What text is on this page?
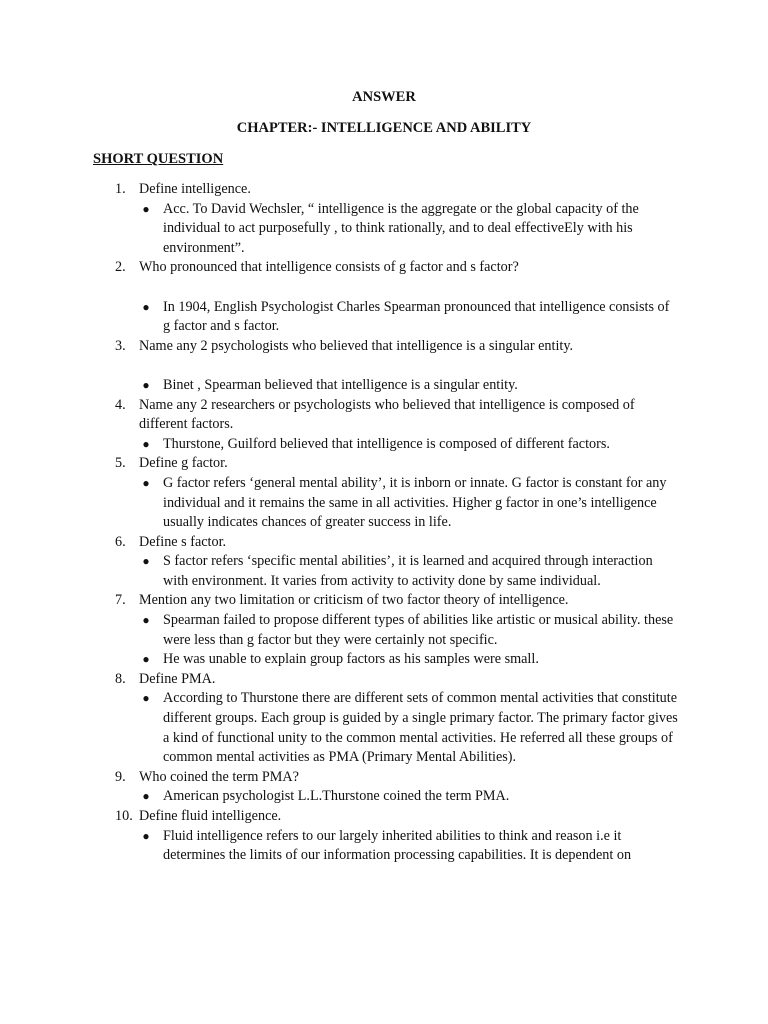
ANSWER
CHAPTER:- INTELLIGENCE AND ABILITY
SHORT QUESTION
1. Define intelligence.
● Acc. To David Wechsler, “ intelligence is the aggregate or the global capacity of the individual to act purposefully , to think rationally, and to deal effectiveEly with his environment”.
2. Who pronounced that intelligence consists of g factor and s factor?
● In 1904, English Psychologist Charles Spearman pronounced that intelligence consists of g factor and s factor.
3. Name any 2 psychologists who believed that intelligence is a singular entity.
● Binet , Spearman believed that intelligence is a singular entity.
4. Name any 2 researchers or psychologists who believed that intelligence is composed of different factors.
● Thurstone, Guilford believed that intelligence is composed of different factors.
5. Define g factor.
● G factor refers ‘general mental ability’, it is inborn or innate. G factor is constant for any individual and it remains the same in all activities. Higher g factor in one’s intelligence usually indicates chances of greater success in life.
6. Define s factor.
● S factor refers ‘specific mental abilities’, it is learned and acquired through interaction with environment. It varies from activity to activity done by same individual.
7. Mention any two limitation or criticism of two factor theory of intelligence.
● Spearman failed to propose different types of abilities like artistic or musical ability. these were less than g factor but they were certainly not specific.
● He was unable to explain group factors as his samples were small.
8. Define PMA.
● According to Thurstone there are different sets of common mental activities that constitute different groups. Each group is guided by a single primary factor. The primary factor gives a kind of functional unity to the common mental activities. He referred all these groups of common mental activities as PMA (Primary Mental Abilities).
9. Who coined the term PMA?
● American psychologist L.L.Thurstone coined the term PMA.
10. Define fluid intelligence.
● Fluid intelligence refers to our largely inherited abilities to think and reason i.e it determines the limits of our information processing capabilities. It is dependent on
